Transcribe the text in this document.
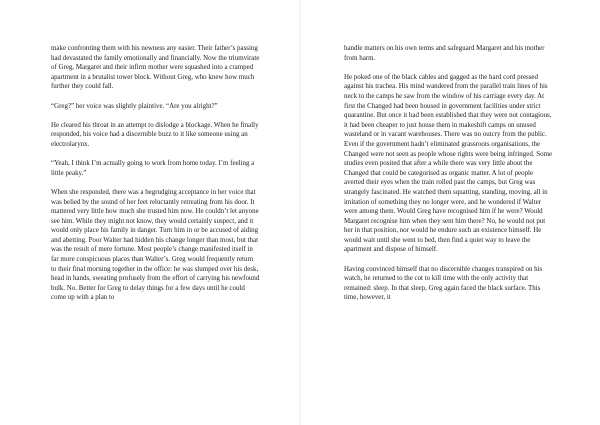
make confronting them with his newness any easier. Their father’s passing had devastated the family emotionally and financially. Now the triumvirate of Greg, Margaret and their infirm mother were squashed into a cramped apartment in a brutalist tower block. Without Greg, who knew how much further they could fall.

“Greg?” her voice was slightly plaintive. “Are you alright?”

He cleared his throat in an attempt to dislodge a blockage. When he finally responded, his voice had a discernible buzz to it like someone using an electrolarynx.

“Yeah, I think I’m actually going to work from home today. I’m feeling a little peaky.”

When she responded, there was a begrudging acceptance in her voice that was belied by the sound of her feet reluctantly retreating from his door. It mattered very little how much she trusted him now. He couldn’t let anyone see him. While they might not know, they would certainly suspect, and it would only place his family in danger. Turn him in or be accused of aiding and abetting. Poor Walter had hidden his change longer than most, but that was the result of mere fortune. Most people’s change manifested itself in far more conspicuous places than Walter’s. Greg would frequently return to their final morning together in the office: he was slumped over his desk, head in hands, sweating profusely from the effort of carrying his newfound bulk. No. Better for Greg to delay things for a few days until he could come up with a plan to

handle matters on his own terms and safeguard Margaret and his mother from harm.

He poked one of the black cables and gagged as the hard cord pressed against his trachea. His mind wandered from the parallel train lines of his neck to the camps he saw from the window of his carriage every day. At first the Changed had been housed in government facilities under strict quarantine. But once it had been established that they were not contagious, it had been cheaper to just house them in makeshift camps on unused wasteland or in vacant warehouses. There was no outcry from the public. Even if the government hadn’t eliminated grassroots organisations, the Changed were not seen as people whose rights were being infringed. Some studies even posited that after a while there was very little about the Changed that could be categorised as organic matter. A lot of people averted their eyes when the train rolled past the camps, but Greg was strangely fascinated. He watched them squatting, standing, moving, all in imitation of something they no longer were, and he wondered if Walter were among them. Would Greg have recognised him if he were? Would Margaret recognise him when they sent him there? No, he would not put her in that position, nor would he endure such an existence himself. He would wait until she went to bed, then find a quiet way to leave the apartment and dispose of himself.

Having convinced himself that no discernible changes transpired on his watch, he returned to the cot to kill time with the only activity that remained: sleep. In that sleep, Greg again faced the black surface. This time, however, it
